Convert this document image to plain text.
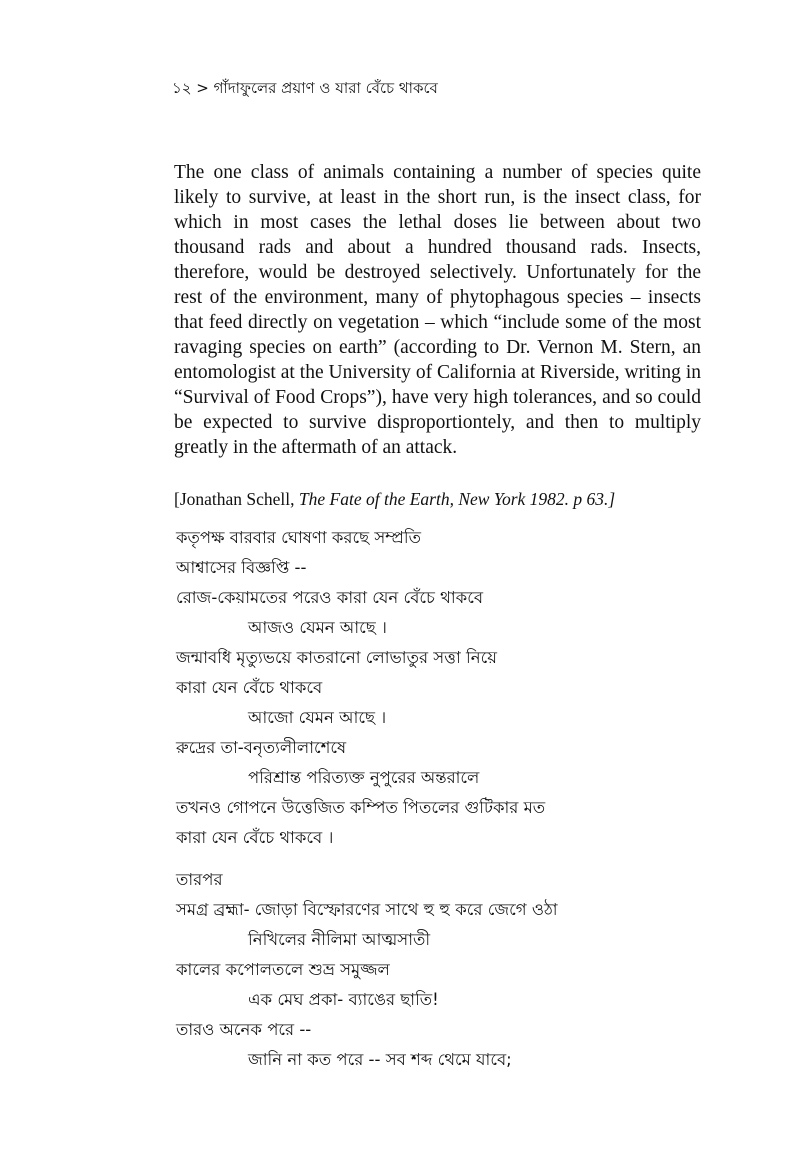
১২ > গাঁদাফুলের প্রয়াণ ও যারা বেঁচে থাকবে

The one class of animals containing a number of species quite likely to survive, at least in the short run, is the insect class, for which in most cases the lethal doses lie between about two thousand rads and about a hundred thousand rads. Insects, therefore, would be destroyed selectively. Unfortunately for the rest of the environment, many of phytophagous species – insects that feed directly on vegetation – which “include some of the most ravaging species on earth” (according to Dr. Vernon M. Stern, an entomologist at the University of California at Riverside, writing in “Survival of Food Crops”), have very high tolerances, and so could be expected to survive disproportiontely, and then to multiply greatly in the aftermath of an attack.

[Jonathan Schell, The Fate of the Earth, New York 1982. p 63.]
কতৃপক্ষ বারবার ঘোষণা করছে সম্প্রতি
আশ্বাসের বিজ্ঞপ্তি --
রোজ-কেয়ামতের পরেও কারা যেন বেঁচে থাকবে
আজও যেমন আছে ।
জন্মাবধি মৃত্যুভয়ে কাতরানো লোভাতুর সত্তা নিয়ে
কারা যেন বেঁচে থাকবে
আজো যেমন আছে ।
রুদ্রের তা-বনৃত্যলীলাশেষে
পরিশ্রান্ত পরিত্যক্ত নুপুরের অন্তরালে
তখনও গোপনে উত্তেজিত কম্পিত পিতলের গুটিকার মত
কারা যেন বেঁচে থাকবে ।
তারপর
সমগ্র ব্রহ্মা- জোড়া বিস্ফোরণের সাথে হু হু করে জেগে ওঠা
নিখিলের নীলিমা আত্মসাতী
কালের কপোলতলে শুভ্র সমুজ্জল
এক মেঘ প্রকা- ব্যাঙের ছাতি!
তারও অনেক পরে --
জানি না কত পরে -- সব শব্দ থেমে যাবে;
